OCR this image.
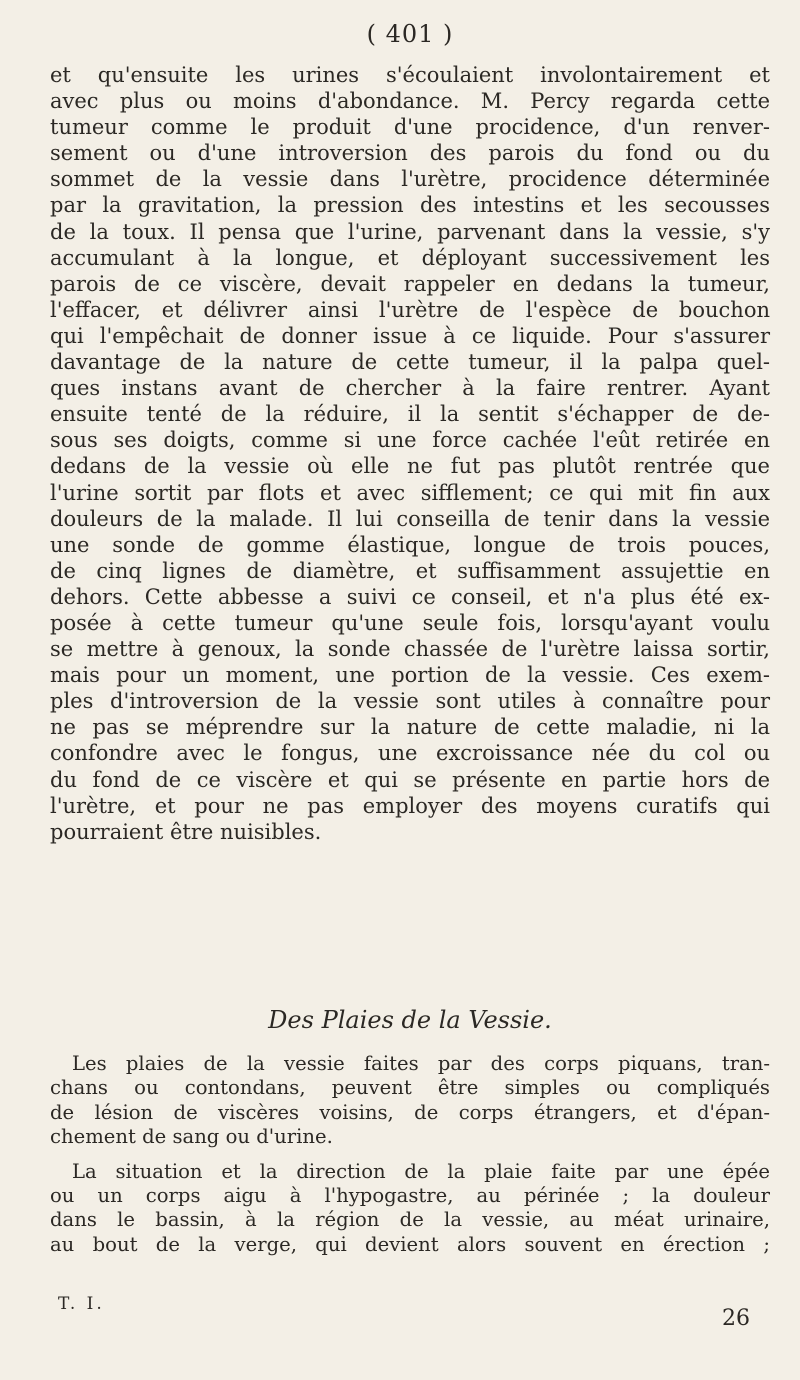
( 401 )
et qu'ensuite les urines s'écoulaient involontairement et
avec plus ou moins d'abondance. M. Percy regarda cette
tumeur comme le produit d'une procidence, d'un renver-
sement ou d'une introversion des parois du fond ou du
sommet de la vessie dans l'urètre, procidence déterminée
par la gravitation, la pression des intestins et les secousses
de la toux. Il pensa que l'urine, parvenant dans la vessie, s'y
accumulant à la longue, et déployant successivement les
parois de ce viscère, devait rappeler en dedans la tumeur,
l'effacer, et délivrer ainsi l'urètre de l'espèce de bouchon
qui l'empêchait de donner issue à ce liquide. Pour s'assurer
davantage de la nature de cette tumeur, il la palpa quel-
ques instans avant de chercher à la faire rentrer. Ayant
ensuite tenté de la réduire, il la sentit s'échapper de de-
sous ses doigts, comme si une force cachée l'eût retirée en
dedans de la vessie où elle ne fut pas plutôt rentrée que
l'urine sortit par flots et avec sifflement; ce qui mit fin aux
douleurs de la malade. Il lui conseilla de tenir dans la vessie
une sonde de gomme élastique, longue de trois pouces,
de cinq lignes de diamètre, et suffisamment assujettie en
dehors. Cette abbesse a suivi ce conseil, et n'a plus été ex-
posée à cette tumeur qu'une seule fois, lorsqu'ayant voulu
se mettre à genoux, la sonde chassée de l'urètre laissa sortir,
mais pour un moment, une portion de la vessie. Ces exem-
ples d'introversion de la vessie sont utiles à connaître pour
ne pas se méprendre sur la nature de cette maladie, ni la
confondre avec le fongus, une excroissance née du col ou
du fond de ce viscère et qui se présente en partie hors de
l'urètre, et pour ne pas employer des moyens curatifs qui
pourraient être nuisibles.
Des Plaies de la Vessie.
Les plaies de la vessie faites par des corps piquans, tran-
chans ou contondans, peuvent être simples ou compliqués
de lésion de viscères voisins, de corps étrangers, et d'épan-
chement de sang ou d'urine.
La situation et la direction de la plaie faite par une épée
ou un corps aigu à l'hypogastre, au périnée ; la douleur
dans le bassin, à la région de la vessie, au méat urinaire,
au bout de la verge, qui devient alors souvent en érection ;
T. I.
26
